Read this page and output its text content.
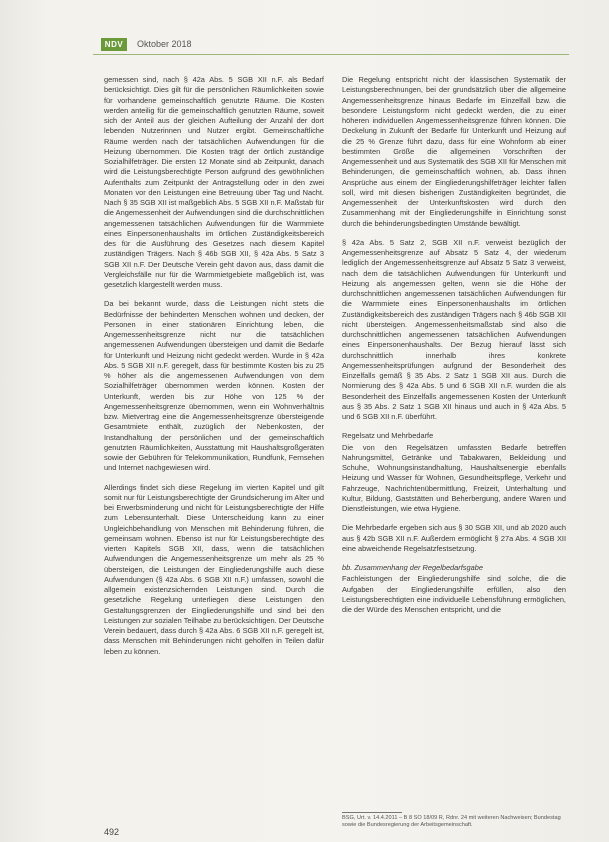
NDV	Oktober 2018

gemessen sind, nach § 42a Abs. 5 SGB XII n.F. als Bedarf berücksichtigt. Dies gilt für die persönlichen Räumlichkeiten sowie für vorhandene gemeinschaftlich genutzte Räume. Die Kosten werden anteilig für die gemeinschaftlich genutzten Räume, soweit sich der Anteil aus der gleichen Aufteilung der Anzahl der dort lebenden Nutzerinnen und Nutzer ergibt. Gemeinschaftliche Räume werden nach der tatsächlichen Aufwendungen für die Heizung übernommen. Die Kosten trägt der örtlich zuständige Sozialhilfeträger. Die ersten 12 Monate sind ab Zeitpunkt, danach wird die Leistungsberechtigte Person aufgrund des gewöhnlichen Aufenthalts zum Zeitpunkt der Antragstellung oder in den zwei Monaten vor den Leistungen eine Betreuung über Tag und Nacht. Nach § 35 SGB XII ist maßgeblich Abs. 5 SGB XII n.F. Maßstab für die Angemessenheit der Aufwendungen sind die durchschnittlichen angemessenen tatsächlichen Aufwendungen für die Warmmiete eines Einpersonenhaushalts im örtlichen Zuständigkeitsbereich des für die Ausführung des Gesetzes nach diesem Kapitel zuständigen Trägers. Nach § 46b SGB XII, § 42a Abs. 5 Satz 3 SGB XII n.F. Der Deutsche Verein geht davon aus, dass damit die Vergleichsfälle nur für die Warmmietgebiete maßgeblich ist, was gesetzlich klargestellt werden muss.

Da bei bekannt wurde, dass die Leistungen nicht stets die Bedürfnisse der behinderten Menschen wohnen und decken, der Personen in einer stationären Einrichtung leben, die Angemessenheitsgrenze nicht nur die tatsächlichen angemessenen Aufwendungen übersteigen und damit die Bedarfe für Unterkunft und Heizung nicht gedeckt werden. Wurde in § 42a Abs. 5 SGB XII n.F. geregelt, dass für bestimmte Kosten bis zu 25 % höher als die angemessenen Aufwendungen von dem Sozialhilfeträger übernommen werden können. Kosten der Unterkunft, werden bis zur Höhe von 125 % der Angemessenheitsgrenze übernommen, wenn ein Wohnverhältnis bzw. Mietvertrag eine die Angemessenheitsgrenze übersteigende Gesamtmiete enthält, zuzüglich der Nebenkosten, der Instandhaltung der persönlichen und der gemeinschaftlich genutzten Räumlichkeiten, Ausstattung mit Haushaltsgroßgeräten sowie der Gebühren für Telekommunikation, Rundfunk, Fernsehen und Internet nachgewiesen wird.

Allerdings findet sich diese Regelung im vierten Kapitel und gilt somit nur für Leistungsberechtigte der Grundsicherung im Alter und bei Erwerbsminderung und nicht für Leistungsberechtigte der Hilfe zum Lebensunterhalt. Diese Unterscheidung kann zu einer Ungleichbehandlung von Menschen mit Behinderung führen, die gemeinsam wohnen. Ebenso ist nur für Leistungsberechtigte des vierten Kapitels SGB XII, dass, wenn die tatsächlichen Aufwendungen die Angemessenheitsgrenze um mehr als 25 % übersteigen, die Leistungen der Eingliederungshilfe auch diese Aufwendungen (§ 42a Abs. 6 SGB XII n.F.) umfassen, sowohl die allgemein existenzsichernden Leistungen sind. Durch die gesetzliche Regelung unterliegen diese Leistungen den Gestaltungsgrenzen der Eingliederungshilfe und sind bei den Leistungen zur sozialen Teilhabe zu berücksichtigen. Der Deutsche Verein bedauert, dass durch § 42a Abs. 6 SGB XII n.F. geregelt ist, dass Menschen mit Behinderungen nicht geholfen in Teilen dafür leben zu können.

Die Regelung entspricht nicht der klassischen Systematik der Leistungsberechnungen, bei der grundsätzlich über die allgemeine Angemessenheitsgrenze hinaus Bedarfe im Einzelfall bzw. die besondere Leistungsform nicht gedeckt werden, die zu einer höheren individuellen Angemessenheitsgrenze führen können. Die Deckelung in Zukunft der Bedarfe für Unterkunft und Heizung auf die 25 % Grenze führt dazu, dass für eine Wohnform ab einer bestimmten Größe die allgemeinen Vorschriften der Angemessenheit und aus Systematik des SGB XII für Menschen mit Behinderungen, die gemeinschaftlich wohnen, ab. Dass ihnen Ansprüche aus einem der Eingliederungshilfeträger leichter fallen soll, wird mit diesen bisherigen Zuständigkeiten begründet, die Angemessenheit der Unterkunftskosten wird durch den Zusammenhang mit der Eingliederungshilfe in Einrichtung sonst durch die behinderungsbedingten Umstände bewältigt.

§ 42a Abs. 5 Satz 2, SGB XII n.F. verweist bezüglich der Angemessenheitsgrenze auf Absatz 5 Satz 4, der wiederum lediglich der Angemessenheitsgrenze auf Absatz 5 Satz 3 verweist, nach dem die tatsächlichen Aufwendungen für Unterkunft und Heizung als angemessen gelten, wenn sie die Höhe der durchschnittlichen angemessenen tatsächlichen Aufwendungen für die Warmmiete eines Einpersonenhaushalts im örtlichen Zuständigkeitsbereich des zuständigen Trägers nach § 46b SGB XII nicht übersteigen. Angemessenheitsmaßstab sind also die durchschnittlichen angemessenen tatsächlichen Aufwendungen eines Einpersonenhaushalts. Der Bezug hierauf lässt sich durchschnittlich innerhalb ihres konkrete Angemessenheitsprüfungen aufgrund der Besonderheit des Einzelfalls gemäß § 35 Abs. 2 Satz 1 SGB XII aus. Durch die Normierung des § 42a Abs. 5 und 6 SGB XII n.F. wurden die als Besonderheit des Einzelfalls angemessenen Kosten der Unterkunft aus § 35 Abs. 2 Satz 1 SGB XII hinaus und auch in § 42a Abs. 5 und 6 SGB XII n.F. überführt.

Regelsatz und Mehrbedarfe

Die von den Regelsätzen umfassten Bedarfe betreffen Nahrungsmittel, Getränke und Tabakwaren, Bekleidung und Schuhe, Wohnungsinstandhaltung, Haushaltsenergie ebenfalls Heizung und Wasser für Wohnen, Gesundheitspflege, Verkehr und Fahrzeuge, Nachrichtenübermittlung, Freizeit, Unterhaltung und Kultur, Bildung, Gaststätten und Beherbergung, andere Waren und Dienstleistungen, wie etwa Hygiene.

Die Mehrbedarfe ergeben sich aus § 30 SGB XII, und ab 2020 auch aus § 42b SGB XII n.F. Außerdem ermöglicht § 27a Abs. 4 SGB XII eine abweichende Regelsatzfestsetzung.

bb. Zusammenhang der Regelbedarfsgabe

Fachleistungen der Eingliederungshilfe sind solche, die die Aufgaben der Eingliederungshilfe erfüllen, also den Leistungsberechtigten eine individuelle Lebensführung ermöglichen, die der Würde des Menschen entspricht, und die

BSG, Urt. v. 14.4.2011 – B 8 SO 18/09 R, Rdnr. 24 mit weiteren Nachweisen; Bundestag sowie die Bundesregierung der Arbeitsgemeinschaft.
492
